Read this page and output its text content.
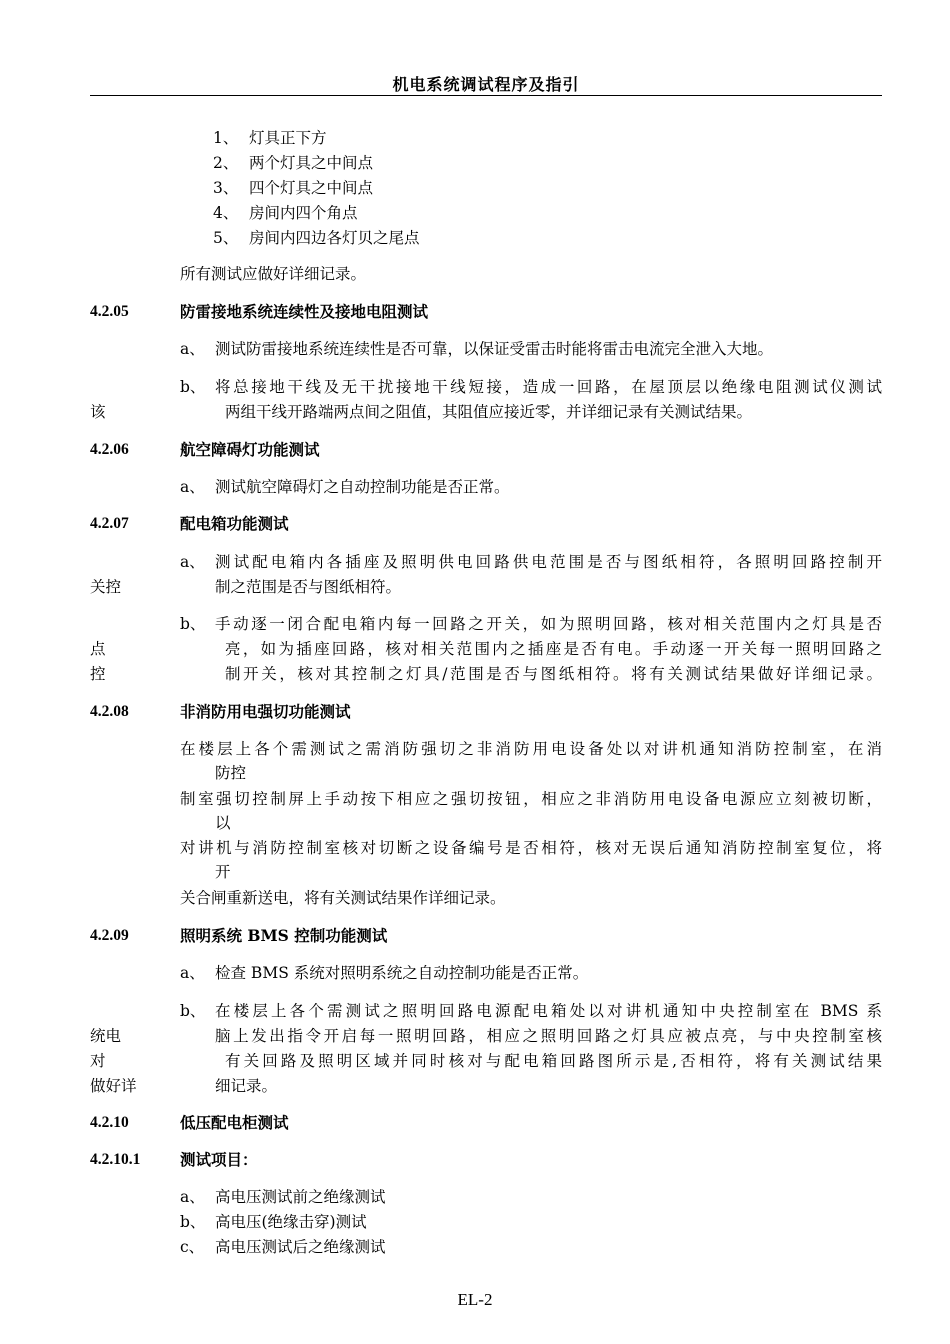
机电系统调试程序及指引
1、 灯具正下方
2、 两个灯具之中间点
3、 四个灯具之中间点
4、 房间内四个角点
5、 房间内四边各灯贝之尾点
所有测试应做好详细记录。
4.2.05	防雷接地系统连续性及接地电阻测试
a、 测试防雷接地系统连续性是否可靠，以保证受雷击时能将雷击电流完全泄入大地。
b、 将总接地干线及无干扰接地干线短接，造成一回路，在屋顶层以绝缘电阻测试仪测试
该	两组干线开路端两点间之阻值，其阻值应接近零，并详细记录有关测试结果。
4.2.06	航空障碍灯功能测试
a、 测试航空障碍灯之自动控制功能是否正常。
4.2.07	配电箱功能测试
a、 测试配电箱内各插座及照明供电回路供电范围是否与图纸相符，各照明回路控制开
关控	制之范围是否与图纸相符。
b、 手动逐一闭合配电箱内每一回路之开关，如为照明回路，核对相关范围内之灯具是否
点	亮，如为插座回路，核对相关范围内之插座是否有电。手动逐一开关每一照明回路之
控	制开关，核对其控制之灯具/范围是否与图纸相符。将有关测试结果做好详细记录。
4.2.08	非消防用电强切功能测试
在楼层上各个需测试之需消防强切之非消防用电设备处以对讲机通知消防控制室，在消
防控
制室强切控制屏上手动按下相应之强切按钮，相应之非消防用电设备电源应立刻被切断，
以
对讲机与消防控制室核对切断之设备编号是否相符，核对无误后通知消防控制室复位，将
开
关合闸重新送电，将有关测试结果作详细记录。
4.2.09	照明系统 BMS 控制功能测试
a、 检查 BMS 系统对照明系统之自动控制功能是否正常。
b、 在楼层上各个需测试之照明回路电源配电箱处以对讲机通知中央控制室在 BMS 系
统电	脑上发出指令开启每一照明回路，相应之照明回路之灯具应被点亮，与中央控制室核
对	有关回路及照明区域并同时核对与配电箱回路图所示是,否相符，将有关测试结果
做好详	细记录。
4.2.10	低压配电柜测试
4.2.10.1	测试项目：
a、 高电压测试前之绝缘测试
b、 高电压(绝缘击穿)测试
c、 高电压测试后之绝缘测试
EL-2
